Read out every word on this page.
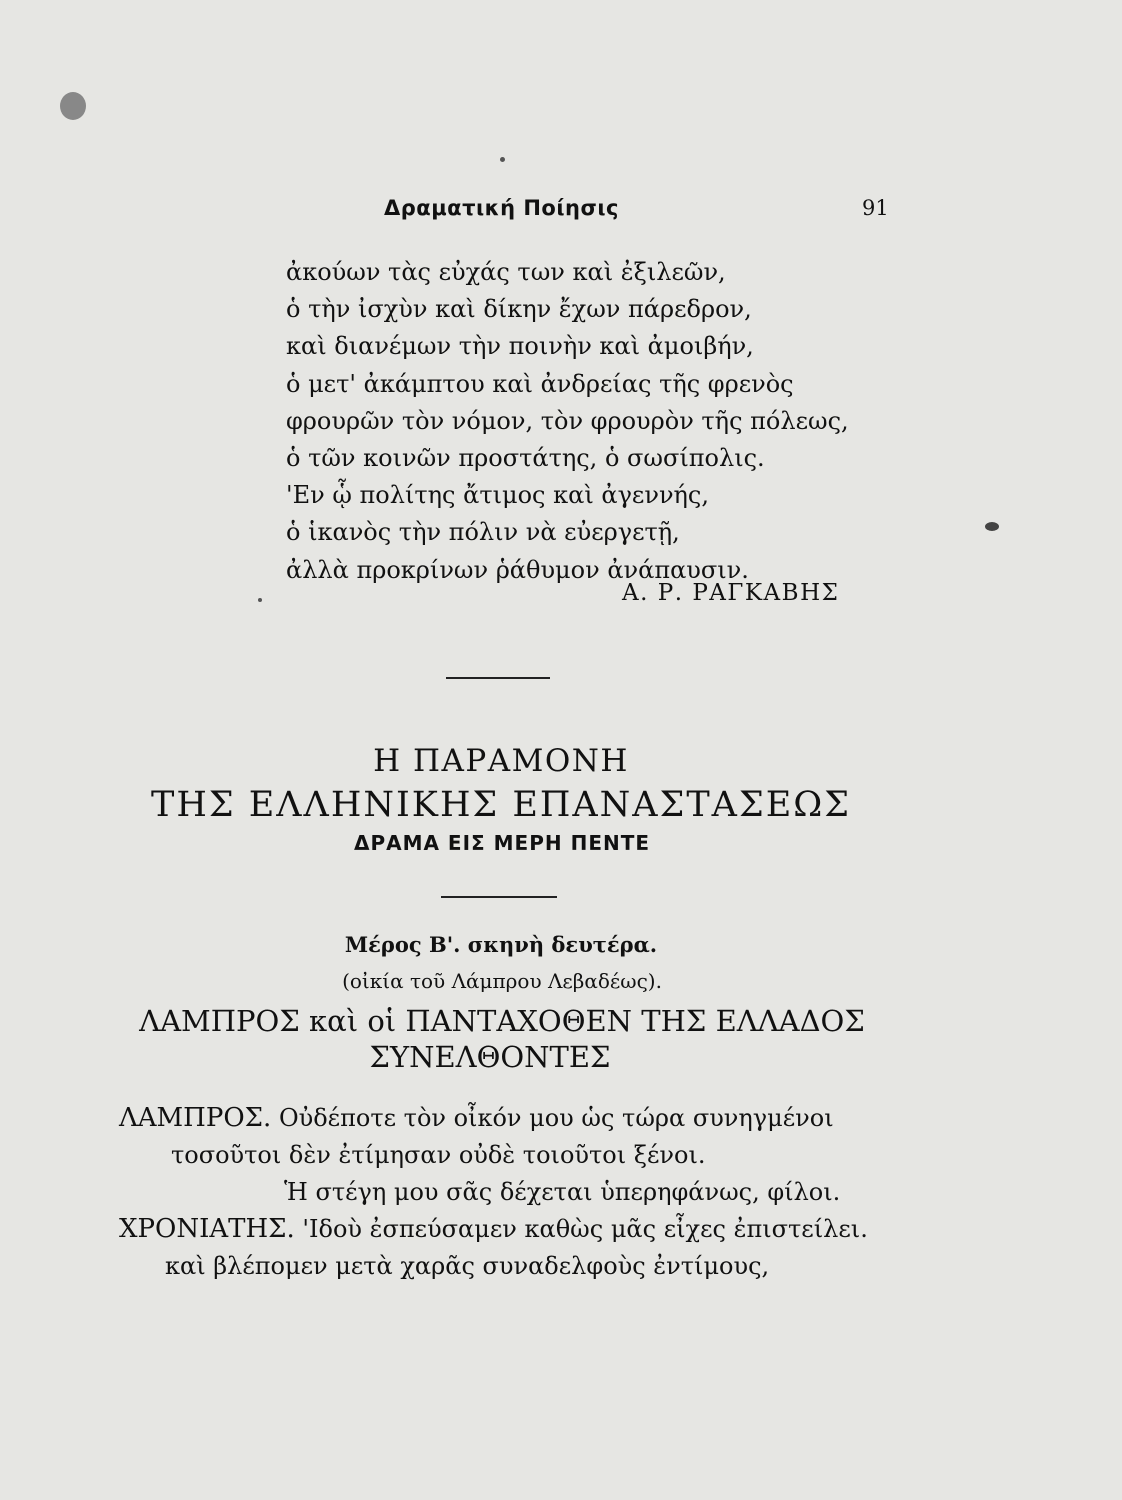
Δραματική Ποίησις	91
ἀκούων τὰς εὐχάς των καὶ ἐξιλεῶν,
ὁ τὴν ἰσχὺν καὶ δίκην ἔχων πάρεδρον,
καὶ διανέμων τὴν ποινὴν καὶ ἀμοιβήν,
ὁ μετ' ἀκάμπτου καὶ ἀνδρείας τῆς φρενὸς
φρουρῶν τὸν νόμον, τὸν φρουρὸν τῆς πόλεως,
ὁ τῶν κοινῶν προστάτης, ὁ σωσίπολις.
'Εν ᾧ πολίτης ἄτιμος καὶ ἀγεννής,
ὁ ἱκανὸς τὴν πόλιν νὰ εὐεργετῇ,
ἀλλὰ προκρίνων ῥάθυμον ἀνάπαυσιν.
Α. Ρ. ΡΑΓΚΑΒΗΣ
Η ΠΑΡΑΜΟΝΗ
ΤΗΣ ΕΛΛΗΝΙΚΗΣ ΕΠΑΝΑΣΤΑΣΕΩΣ
ΔΡΑΜΑ ΕΙΣ ΜΕΡΗ ΠΕΝΤΕ
Μέρος Β'. σκηνὴ δευτέρα.
(οἰκία τοῦ Λάμπρου Λεβαδέως).
ΛΑΜΠΡΟΣ καὶ οἱ ΠΑΝΤΑΧΟΘΕΝ ΤΗΣ ΕΛΛΑΔΟΣ
ΣΥΝΕΛΘΟΝΤΕΣ
ΛΑΜΠΡΟΣ. Οὐδέποτε τὸν οἶκόν μου ὡς τώρα συνηγμένοι
τοσοῦτοι δὲν ἐτίμησαν οὐδὲ τοιοῦτοι ξένοι.
Ἡ στέγη μου σᾶς δέχεται ὑπερηφάνως, φίλοι.
ΧΡΟΝΙΑΤΗΣ. 'Ιδοὺ ἐσπεύσαμεν καθὼς μᾶς εἶχες ἐπιστείλει.
καὶ βλέπομεν μετὰ χαρᾶς συναδελφοὺς ἐντίμους,
